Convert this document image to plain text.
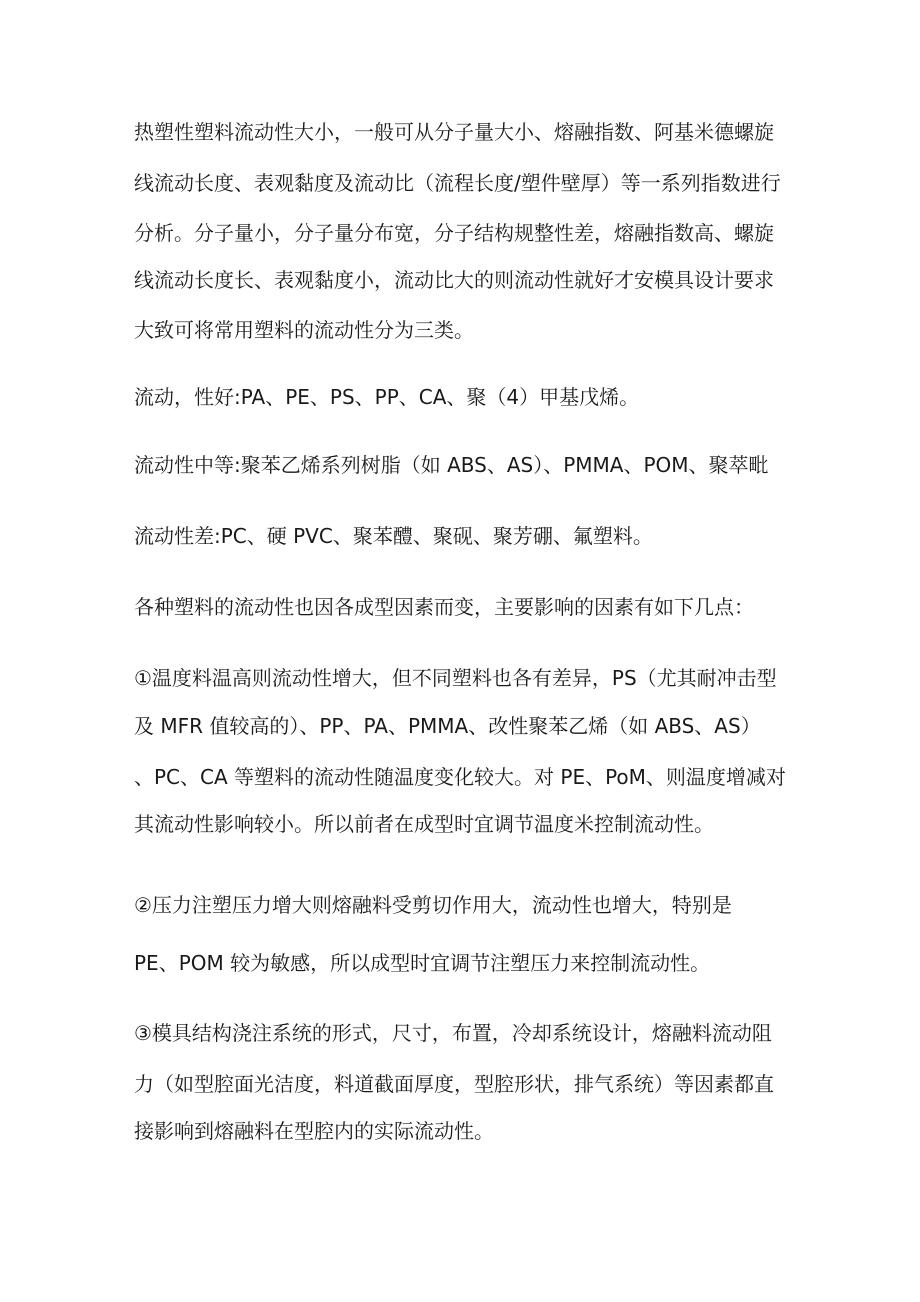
热塑性塑料流动性大小，一般可从分子量大小、熔融指数、阿基米德螺旋

线流动长度、表观黏度及流动比（流程长度/塑件壁厚）等一系列指数进行

分析。分子量小，分子量分布宽，分子结构规整性差，熔融指数高、螺旋

线流动长度长、表观黏度小，流动比大的则流动性就好才安模具设计要求

大致可将常用塑料的流动性分为三类。

流动，性好:PA、PE、PS、PP、CA、聚（4）甲基戊烯。

流动性中等:聚苯乙烯系列树脂（如 ABS、AS）、PMMA、POM、聚萃毗

流动性差:PC、硬 PVC、聚苯醴、聚砚、聚芳硼、氟塑料。

各种塑料的流动性也因各成型因素而变，主要影响的因素有如下几点：

①温度料温高则流动性增大，但不同塑料也各有差异，PS（尤其耐冲击型

及 MFR 值较高的）、PP、PA、PMMA、改性聚苯乙烯（如 ABS、AS）

、PC、CA 等塑料的流动性随温度变化较大。对 PE、PoM、则温度增减对

其流动性影响较小。所以前者在成型时宜调节温度米控制流动性。

②压力注塑压力增大则熔融料受剪切作用大，流动性也增大，特别是

PE、POM 较为敏感，所以成型时宜调节注塑压力来控制流动性。

③模具结构浇注系统的形式，尺寸，布置，冷却系统设计，熔融料流动阻

力（如型腔面光洁度，料道截面厚度，型腔形状，排气系统）等因素都直

接影响到熔融料在型腔内的实际流动性。
